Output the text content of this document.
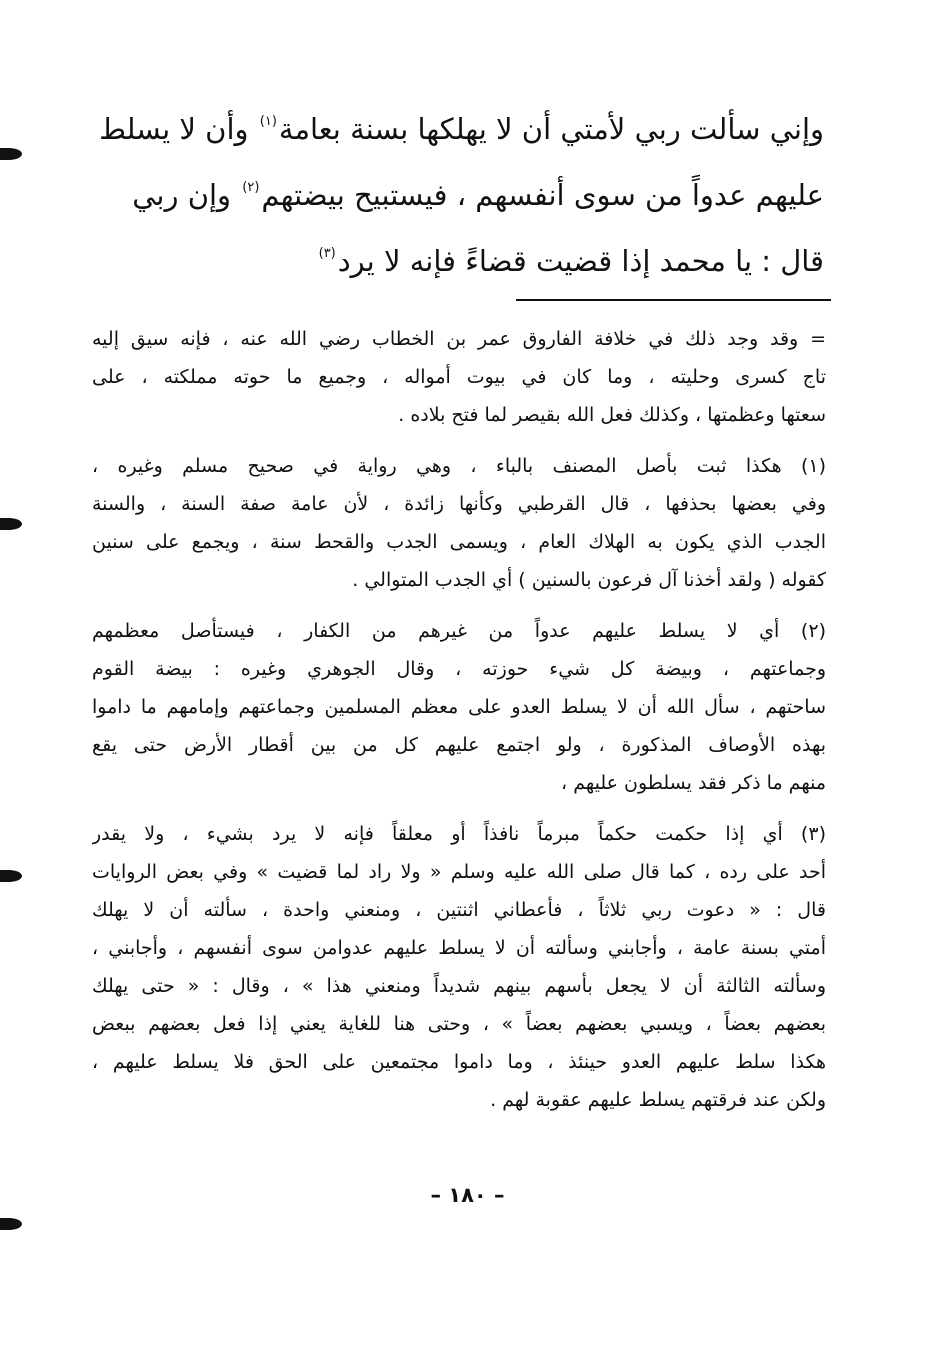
وإني سألت ربي لأمتي أن لا يهلكها بسنة بعامة$^{(١)}$ وأن لا يسلط
عليهم عدواً من سوى أنفسهم ، فيستبيح بيضتهم$^{(٢)}$ وإن ربي
قال : يا محمد إذا قضيت قضاءً فإنه لا يرد$^{(٣)}$
= وقد وجد ذلك في خلافة الفاروق عمر بن الخطاب رضي الله عنه ، فإنه سيق إليه
تاج كسرى وحليته ، وما كان في بيوت أمواله ، وجميع ما حوته مملكته ، على
سعتها وعظمتها ، وكذلك فعل الله بقيصر لما فتح بلاده .
(١) هكذا ثبت بأصل المصنف بالباء ، وهي رواية في صحيح مسلم وغيره ،
وفي بعضها بحذفها ، قال القرطبي وكأنها زائدة ، لأن عامة صفة السنة ، والسنة
الجدب الذي يكون به الهلاك العام ، ويسمى الجدب والقحط سنة ، ويجمع على سنين
كقوله ( ولقد أخذنا آل فرعون بالسنين ) أي الجدب المتوالي .
(٢) أي لا يسلط عليهم عدواً من غيرهم من الكفار ، فيستأصل معظمهم
وجماعتهم ، وبيضة كل شيء حوزته ، وقال الجوهري وغيره : بيضة القوم
ساحتهم ، سأل الله أن لا يسلط العدو على معظم المسلمين وجماعتهم وإمامهم ما داموا
بهذه الأوصاف المذكورة ، ولو اجتمع عليهم كل من بين أقطار الأرض حتى يقع
منهم ما ذكر فقد يسلطون عليهم ،
(٣) أي إذا حكمت حكماً مبرماً نافذاً أو معلقاً فإنه لا يرد بشيء ، ولا يقدر
أحد على رده ، كما قال صلى الله عليه وسلم « ولا راد لما قضيت » وفي بعض الروايات
قال : « دعوت ربي ثلاثاً ، فأعطاني اثنتين ، ومنعني واحدة ، سألته أن لا يهلك
أمتي بسنة عامة ، وأجابني وسألته أن لا يسلط عليهم عدوامن سوى أنفسهم ، وأجابني ،
وسألته الثالثة أن لا يجعل بأسهم بينهم شديداً ومنعني هذا » ، وقال : « حتى يهلك
بعضهم بعضاً ، ويسبي بعضهم بعضاً » ، وحتى هنا للغاية يعني إذا فعل بعضهم ببعض
هكذا سلط عليهم العدو حينئذ ، وما داموا مجتمعين على الحق فلا يسلط عليهم ،
ولكن عند فرقتهم يسلط عليهم عقوبة لهم .
– ١٨٠ –
